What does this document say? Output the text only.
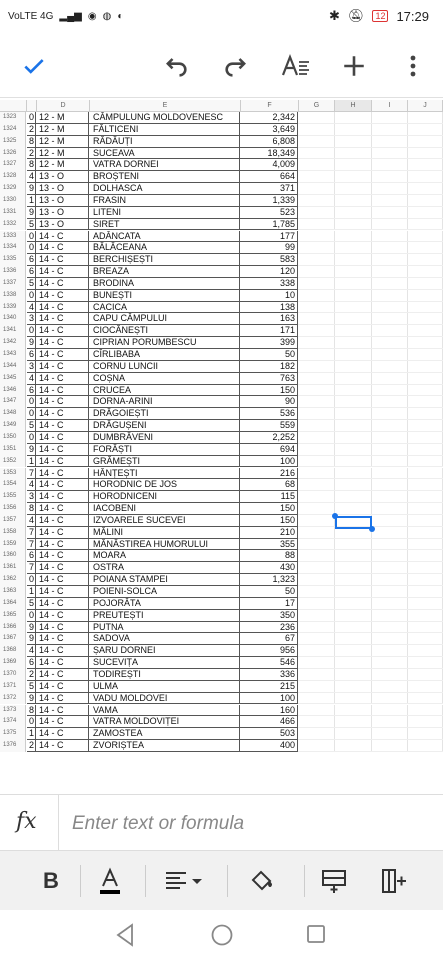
VoLTE 4G ▂▄▆ ◉ ◍ ◐	✱ 🔕︎	12 17:29
D	E	F	G	H	I	J
1323	0 12 - M	CÂMPULUNG MOLDOVENESC	2,342
1324	2 12 - M	FĂLTICENI	3,649
1325	8 12 - M	RĂDĂUȚI	6,808
1326	2 12 - M	SUCEAVA	18,349
1327	8 12 - M	VATRA DORNEI	4,009
1328	4 13 - O	BROȘTENI	664
1329	9 13 - O	DOLHASCA	371
1330	1 13 - O	FRASIN	1,339
1331	9 13 - O	LITENI	523
1332	5 13 - O	SIRET	1,785
1333	0 14 - C	ADÂNCATA	177
1334	0 14 - C	BĂLĂCEANA	99
1335	6 14 - C	BERCHIȘEȘTI	583
1336	6 14 - C	BREAZA	120
1337	5 14 - C	BRODINA	338
1338	0 14 - C	BUNEȘTI	10
1339	4 14 - C	CACICA	138
1340	3 14 - C	CAPU CÂMPULUI	163
1341	0 14 - C	CIOCĂNEȘTI	171
1342	9 14 - C	CIPRIAN PORUMBESCU	399
1343	6 14 - C	CÎRLIBABA	50
1344	3 14 - C	CORNU LUNCII	182
1345	4 14 - C	COȘNA	763
1346	6 14 - C	CRUCEA	150
1347	0 14 - C	DORNA-ARINI	90
1348	0 14 - C	DRĂGOIEȘTI	536
1349	5 14 - C	DRĂGUȘENI	559
1350	0 14 - C	DUMBRĂVENI	2,252
1351	9 14 - C	FORĂȘTI	694
1352	1 14 - C	GRĂMEȘTI	100
1353	7 14 - C	HĂNȚEȘTI	216
1354	4 14 - C	HORODNIC DE JOS	68
1355	3 14 - C	HORODNICENI	115
1356	8 14 - C	IACOBENI	150
1357	4 14 - C	IZVOARELE SUCEVEI	150
1358	7 14 - C	MĂLINI	210
1359	7 14 - C	MĂNĂSTIREA HUMORULUI	355
1360	6 14 - C	MOARA	88
1361	7 14 - C	OSTRA	430
1362	0 14 - C	POIANA STAMPEI	1,323
1363	1 14 - C	POIENI-SOLCA	50
1364	5 14 - C	POJORÂTA	17
1365	0 14 - C	PREUTEȘTI	350
1366	9 14 - C	PUTNA	236
1367	9 14 - C	SADOVA	67
1368	4 14 - C	ȘARU DORNEI	956
1369	6 14 - C	SUCEVIȚA	546
1370	2 14 - C	TODIREȘTI	336
1371	5 14 - C	ULMA	215
1372	9 14 - C	VADU MOLDOVEI	100
1373	8 14 - C	VAMA	160
1374	0 14 - C	VATRA MOLDOVIȚEI	466
1375	1 14 - C	ZAMOSTEA	503
1376	2 14 - C	ZVORIȘTEA	400
fx Enter text or formula
B
